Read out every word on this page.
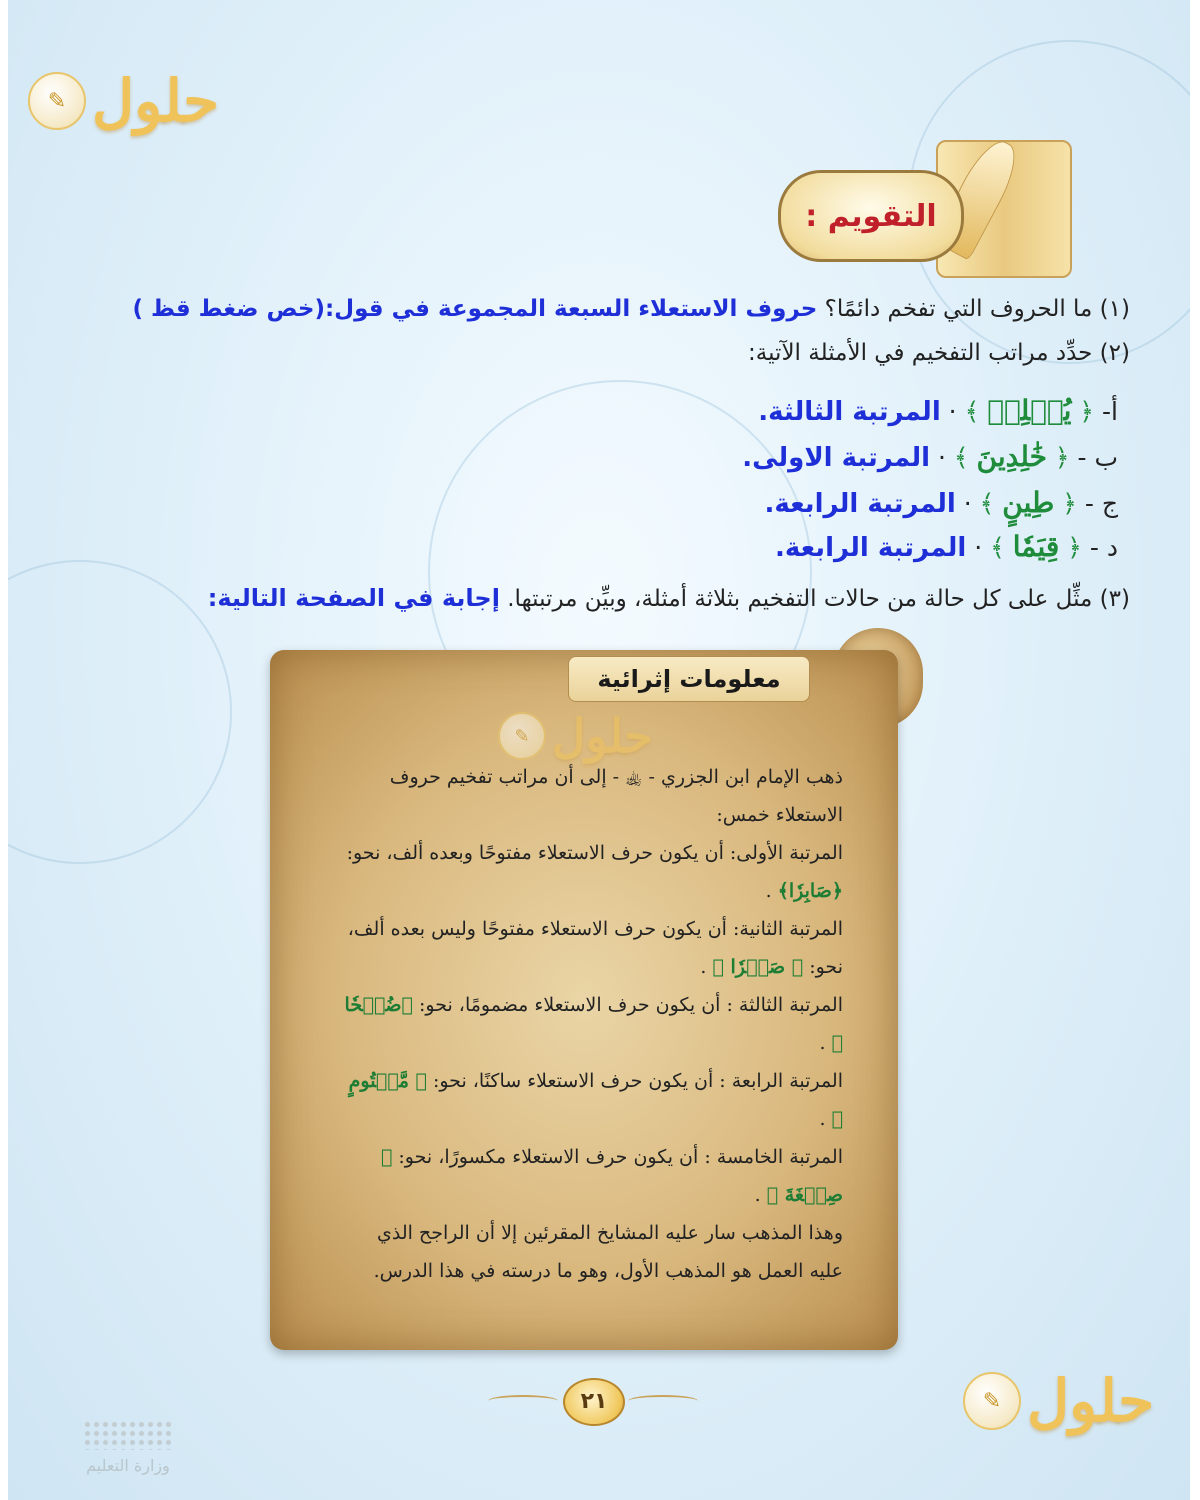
✎ حلول
التقويم :
(١) ما الحروف التي تفخم دائمًا؟ حروف الاستعلاء السبعة المجموعة في قول:(خص ضغط قظ )
(٢) حدِّد مراتب التفخيم في الأمثلة الآتية:
أ- ﴿ يُصۡلِحۡ ﴾ · المرتبة الثالثة.
ب - ﴿ خَٰلِدِينَ ﴾ · المرتبة الاولى.
ج - ﴿ طِينٍ ﴾ · المرتبة الرابعة.
د - ﴿ قِيَمٗا ﴾ · المرتبة الرابعة.
(٣) مثِّل على كل حالة من حالات التفخيم بثلاثة أمثلة، وبيِّن مرتبتها. إجابة في الصفحة التالية:
معلومات إثرائية
✎ حلول
ذهب الإمام ابن الجزري - ﵀ - إلى أن مراتب تفخيم حروف الاستعلاء خمس:
المرتبة الأولى: أن يكون حرف الاستعلاء مفتوحًا وبعده ألف، نحو: ﴿صَابِرٗا﴾ .
المرتبة الثانية: أن يكون حرف الاستعلاء مفتوحًا وليس بعده ألف، نحو: ﴿ صَبۡرٗا ﴾ .
المرتبة الثالثة : أن يكون حرف الاستعلاء مضمومًا، نحو: ﴿ضُبۡحٗا ﴾ .
المرتبة الرابعة : أن يكون حرف الاستعلاء ساكنًا، نحو: ﴿ مَّخۡتُومٍ ﴾ .
المرتبة الخامسة : أن يكون حرف الاستعلاء مكسورًا، نحو: ﴿ صِبۡغَةَ ﴾ .
وهذا المذهب سار عليه المشايخ المقرئين إلا أن الراجح الذي عليه العمل هو المذهب الأول، وهو ما درسته في هذا الدرس.
٢١
وزارة التعليم
✎ حلول
